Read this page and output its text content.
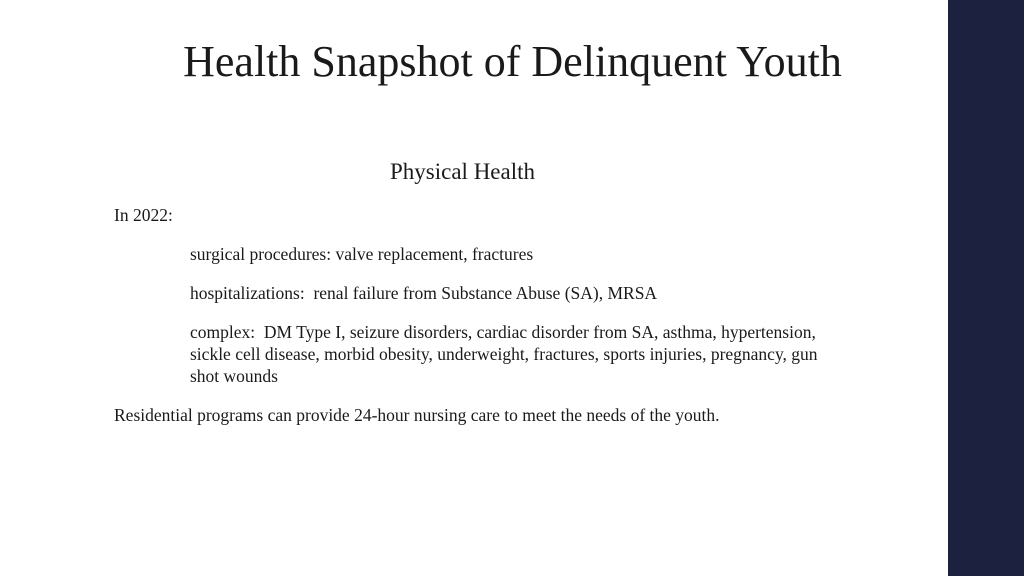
Health Snapshot of Delinquent Youth
Physical Health
In 2022:
surgical procedures: valve replacement, fractures
hospitalizations:  renal failure from Substance Abuse (SA), MRSA
complex:  DM Type I, seizure disorders, cardiac disorder from SA, asthma, hypertension, sickle cell disease, morbid obesity, underweight, fractures, sports injuries, pregnancy, gun shot wounds
Residential programs can provide 24-hour nursing care to meet the needs of the youth.
